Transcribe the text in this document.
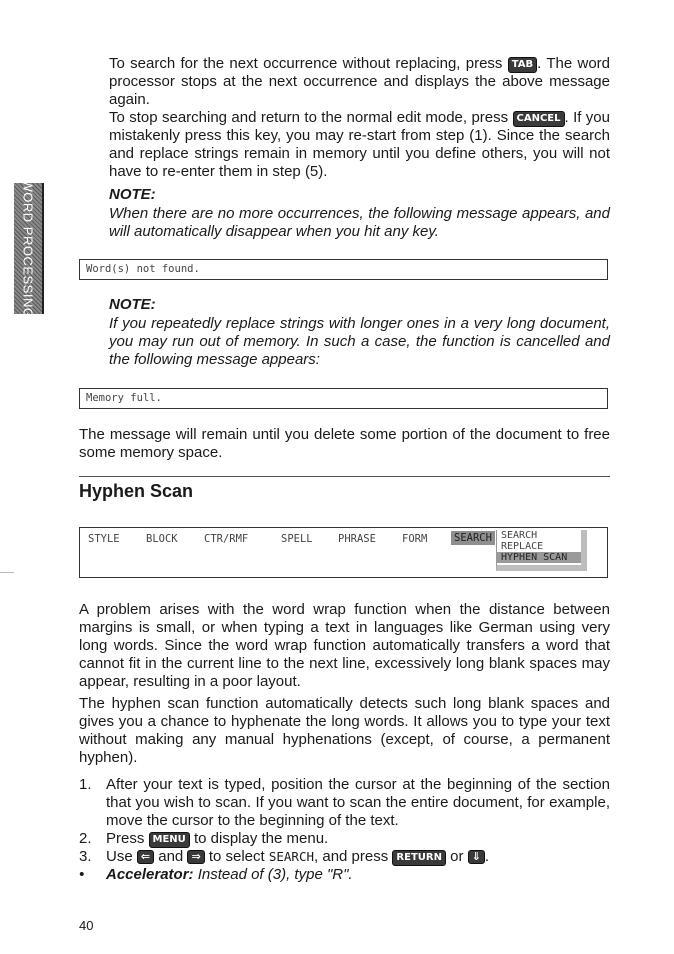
WORD PROCESSING

To search for the next occurrence without replacing, press TAB . The word processor stops at the next occurrence and displays the above message again.

To stop searching and return to the normal edit mode, press CANCEL . If you mistakenly press this key, you may re-start from step (1). Since the search and replace strings remain in memory until you define others, you will not have to re-enter them in step (5).

NOTE:

When there are no more occurrences, the following message appears, and will automatically disappear when you hit any key.

Word(s) not found.

NOTE:

If you repeatedly replace strings with longer ones in a very long document, you may run out of memory. In such a case, the function is cancelled and the following message appears:

Memory full.

The message will remain until you delete some portion of the document to free some memory space.

Hyphen Scan
STYLE	BLOCK	CTR/RMF	SPELL PHRASE FORM	SEARCH SEARCH
REPLACE
HYPHEN SCAN

A problem arises with the word wrap function when the distance between margins is small, or when typing a text in languages like German using very long words. Since the word wrap function automatically transfers a word that cannot fit in the current line to the next line, excessively long blank spaces may appear, resulting in a poor layout.

The hyphen scan function automatically detects such long blank spaces and gives you a chance to hyphenate the long words. It allows you to type your text without making any manual hyphenations (except, of course, a permanent hyphen).

1. After your text is typed, position the cursor at the beginning of the section that you wish to scan. If you want to scan the entire document, for example, move the cursor to the beginning of the text.
2. Press MENU to display the menu.
3. Use ⇐ and ⇒ to select SEARCH, and press RETURN or ⇓ .
• Accelerator: Instead of (3), type "R".

40
